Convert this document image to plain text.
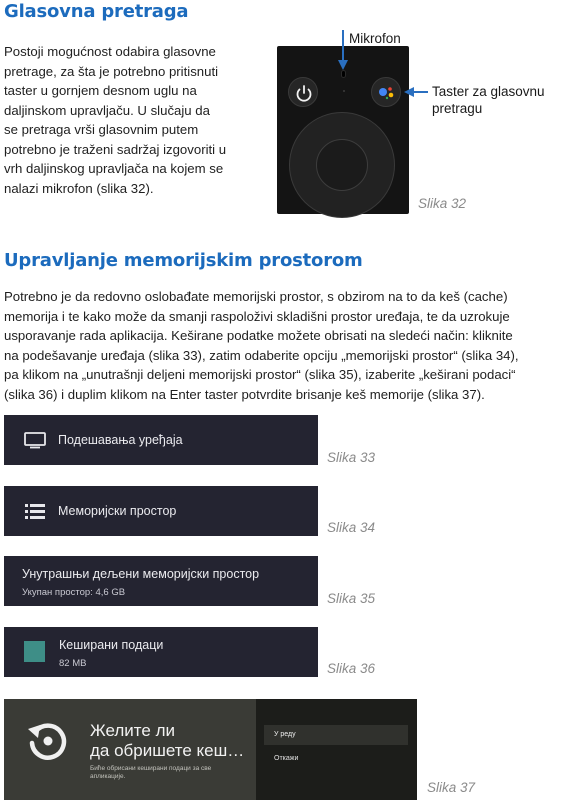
Glasovna pretraga
Postoji mogućnost odabira glasovne
pretrage, za šta je potrebno pritisnuti
taster u gornjem desnom uglu na
daljinskom upravljaču. U slučaju da
se pretraga vrši glasovnim putem
potrebno je traženi sadržaj izgovoriti u
vrh daljinskog upravljača na kojem se
nalazi mikrofon (slika 32).
Mikrofon
Taster za glasovnu
pretragu
Slika 32
Upravljanje memorijskim prostorom
Potrebno je da redovno oslobađate memorijski prostor, s obzirom na to da keš (cache)
memorija i te kako može da smanji raspoloživi skladišni prostor uređaja, te da uzrokuje
usporavanje rada aplikacija. Keširane podatke možete obrisati na sledeći način: kliknite
na podešavanje uređaja (slika 33), zatim odaberite opciju „memorijski prostor“ (slika 34),
pa klikom na „unutrašnji deljeni memorijski prostor“ (slika 35), izaberite „keširani podaci“
(slika 36) i duplim klikom na Enter taster potvrdite brisanje keš memorije (slika 37).
Подешавања уређаја
Slika 33
Меморијски простор
Slika 34
Унутрашњи дељени меморијски простор
Укупан простор: 4,6 GB	Slika 35
Кеширани подаци
82 MB	Slika 36
Желите ли
да обришете кеш…
Биће обрисани кеширани подаци за све
апликације.
У реду
Откажи
Slika 37
